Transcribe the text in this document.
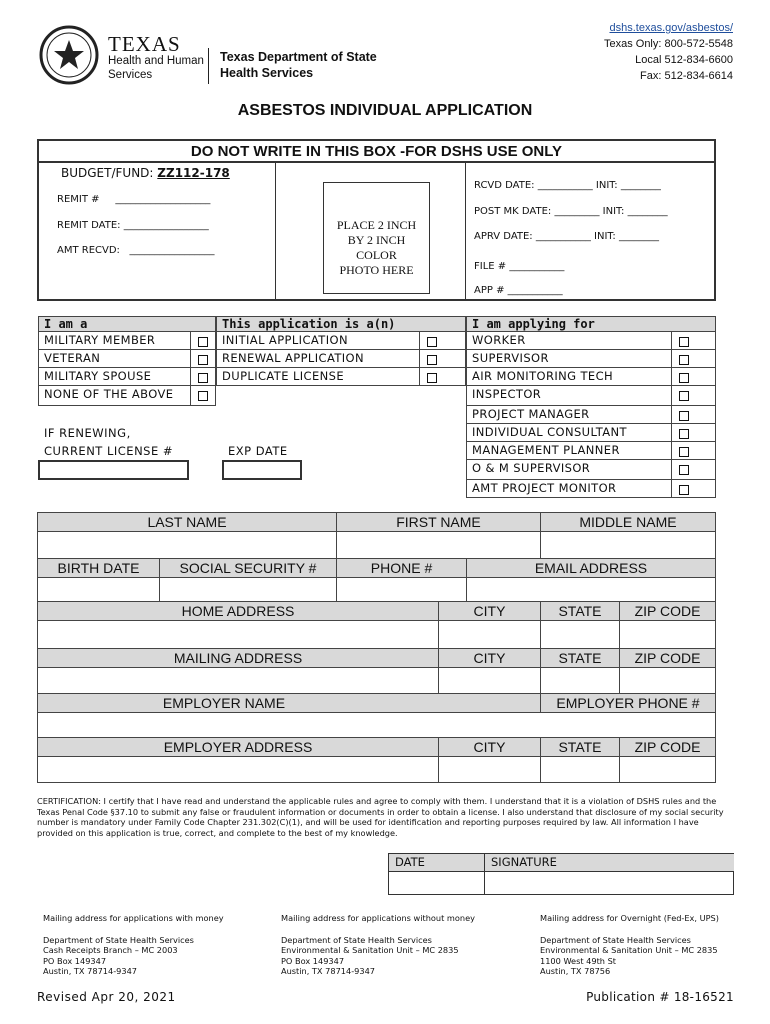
TEXAS
Health and Human
Services
Texas Department of State
Health Services
dshs.texas.gov/asbestos/
Texas Only: 800-572-5548
Local 512-834-6600
Fax: 512-834-6614
ASBESTOS INDIVIDUAL APPLICATION
DO NOT WRITE IN THIS BOX -FOR DSHS USE ONLY
BUDGET/FUND: ZZ112-178
REMIT #     ___________________
REMIT DATE: _________________
AMT RECVD:   _________________
PLACE 2 INCH
BY 2 INCH
COLOR
PHOTO HERE
RCVD DATE: ___________ INIT: ________
POST MK DATE: _________ INIT: ________
APRV DATE: ___________ INIT: ________
FILE # ___________
APP # ___________
I am a
MILITARY MEMBER
VETERAN
MILITARY SPOUSE
NONE OF THE ABOVE
This application is a(n)
INITIAL APPLICATION
RENEWAL APPLICATION
DUPLICATE LICENSE
I am applying for
WORKER
SUPERVISOR
AIR MONITORING TECH
INSPECTOR
PROJECT MANAGER
INDIVIDUAL CONSULTANT
MANAGEMENT PLANNER
O & M SUPERVISOR
AMT PROJECT MONITOR
IF RENEWING,
CURRENT LICENSE #	EXP DATE
LAST NAME	FIRST NAME	MIDDLE NAME
BIRTH DATE	SOCIAL SECURITY #	PHONE #	EMAIL ADDRESS
HOME ADDRESS	CITY	STATE	ZIP CODE
MAILING ADDRESS	CITY	STATE	ZIP CODE
EMPLOYER NAME	EMPLOYER PHONE #
EMPLOYER ADDRESS	CITY	STATE	ZIP CODE
CERTIFICATION: I certify that I have read and understand the applicable rules and agree to comply with them. I understand that it is a violation of DSHS rules and the Texas Penal Code §37.10 to submit any false or fraudulent information or documents in order to obtain a license. I also understand that disclosure of my social security number is mandatory under Family Code Chapter 231.302(C)(1), and will be used for identification and reporting purposes required by law. All information I have provided on this application is true, correct, and complete to the best of my knowledge.
DATE	SIGNATURE
Mailing address for applications with money
Department of State Health Services
Cash Receipts Branch – MC 2003
PO Box 149347
Austin, TX 78714-9347
Mailing address for applications without money
Department of State Health Services
Environmental & Sanitation Unit – MC 2835
PO Box 149347
Austin, TX 78714-9347
Mailing address for Overnight (Fed-Ex, UPS)
Department of State Health Services
Environmental & Sanitation Unit – MC 2835
1100 West 49th St
Austin, TX 78756
Revised Apr 20, 2021	Publication # 18-16521
